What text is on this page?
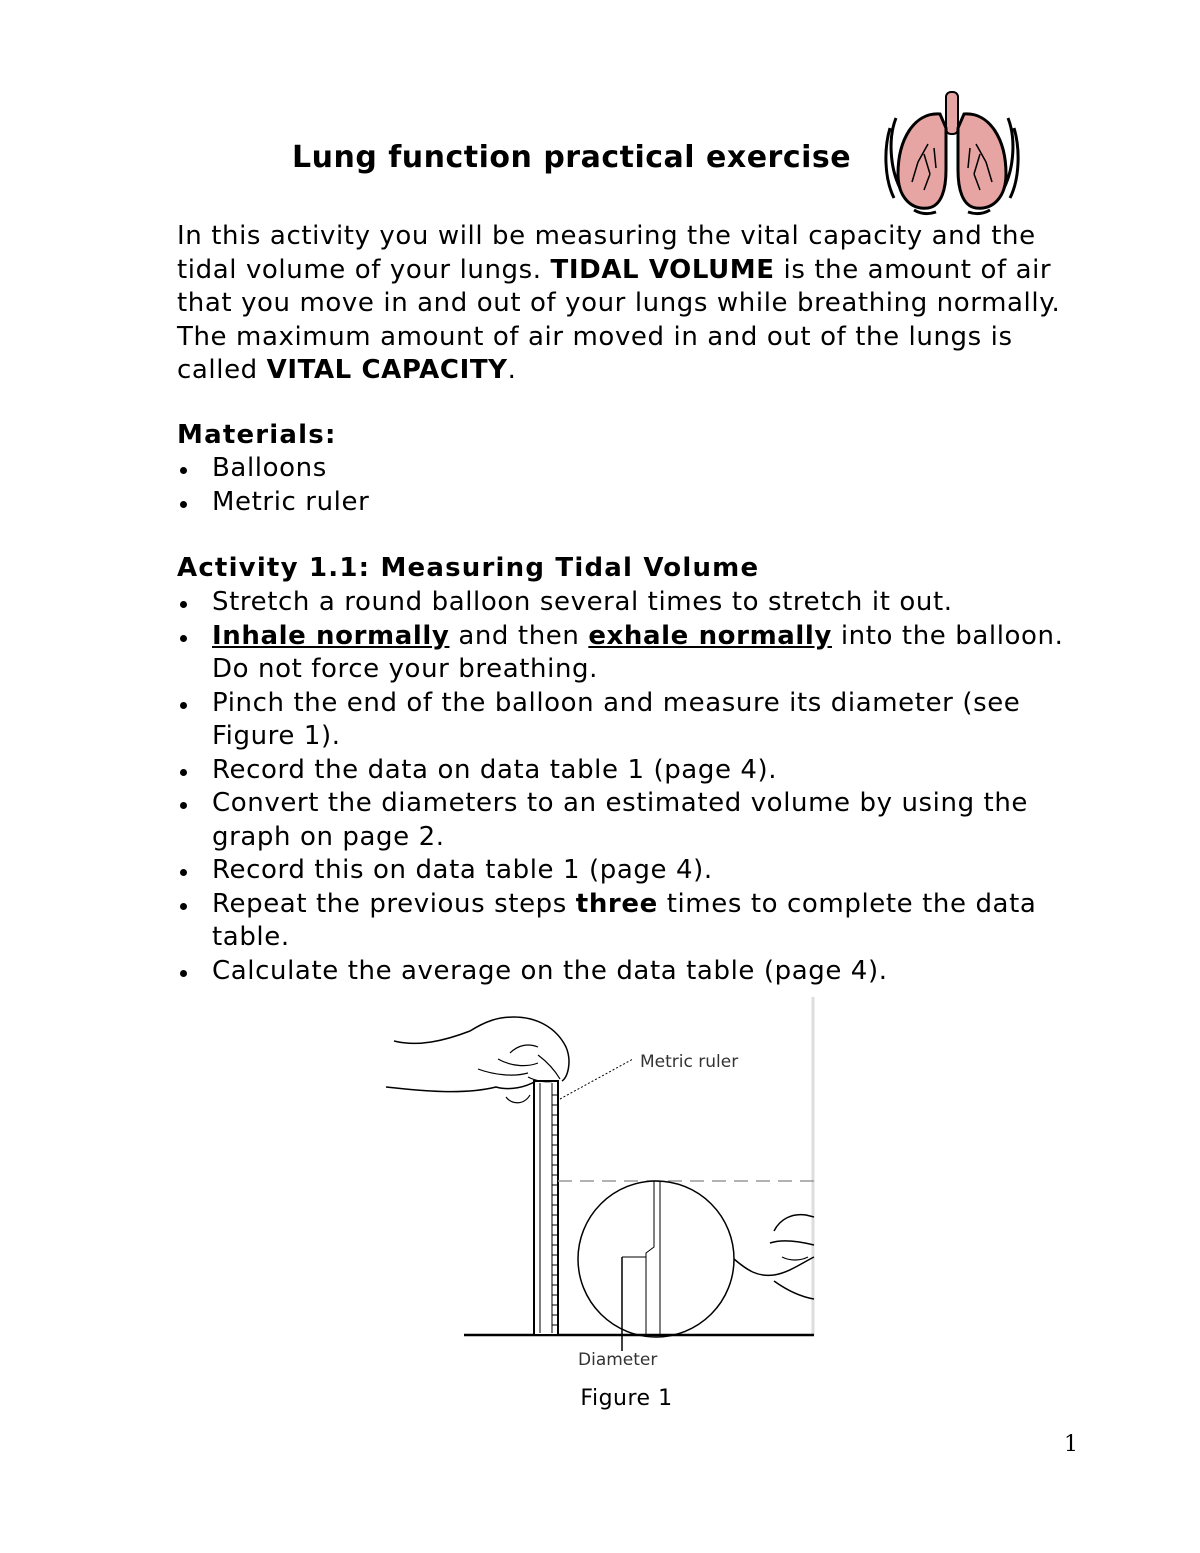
Lung function practical exercise

In this activity you will be measuring the vital capacity and the tidal volume of your lungs. TIDAL VOLUME is the amount of air that you move in and out of your lungs while breathing normally. The maximum amount of air moved in and out of the lungs is called VITAL CAPACITY.

Materials:
Balloons
Metric ruler
Activity 1.1: Measuring Tidal Volume
Stretch a round balloon several times to stretch it out.
Inhale normally and then exhale normally into the balloon. Do not force your breathing.
Pinch the end of the balloon and measure its diameter (see Figure 1).
Record the data on data table 1 (page 4).
Convert the diameters to an estimated volume by using the graph on page 2.
Record this on data table 1 (page 4).
Repeat the previous steps three times to complete the data table.
Calculate the average on the data table (page 4).
Metric ruler
Diameter
Figure 1
1
